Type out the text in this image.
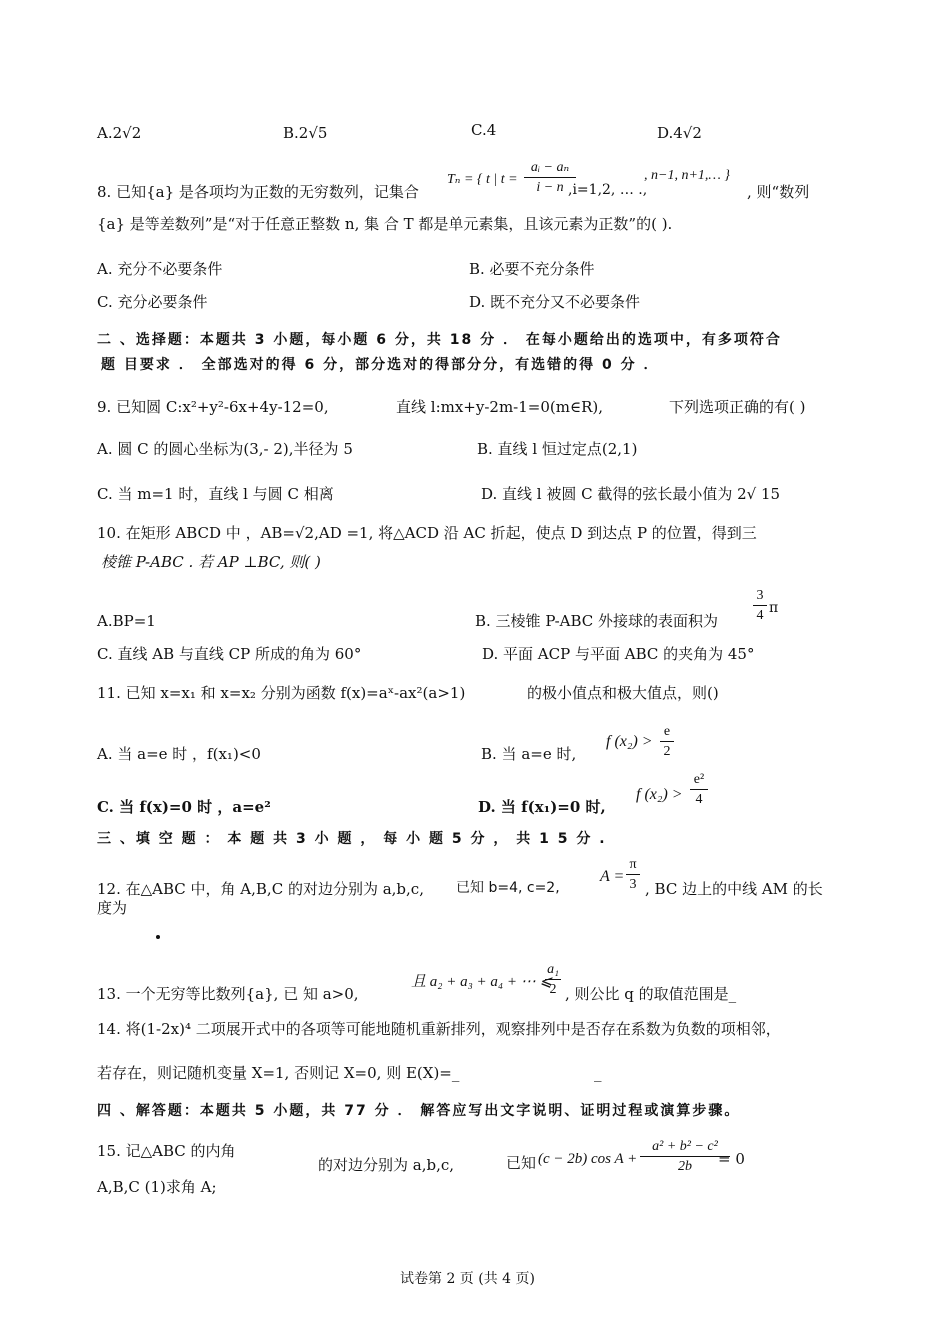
A.2√2	B.2√5	C.4	D.4√2
8. 已知{a} 是各项均为正数的无穷数列，记集合
Tₙ = { t | t =
aᵢ − aₙ
i − n ,i=1,2, … .,
, n−1, n+1,… }
, 则“数列
{a} 是等差数列”是“对于任意正整数 n, 集 合 T 都是单元素集，且该元素为正数”的( ).
A. 充分不必要条件	B. 必要不充分条件
C. 充分必要条件	D. 既不充分又不必要条件
二 、选择题：本题共 3 小题，每小题 6 分，共 18 分 ． 在每小题给出的选项中，有多项符合
题 目要求 ． 全部选对的得 6 分，部分选对的得部分分，有选错的得 0 分 ．
9. 已知圆 C:x²+y²-6x+4y-12=0,	直线 l:mx+y-2m-1=0(m∈R),	下列选项正确的有( )
A. 圆 C 的圆心坐标为(3,- 2),半径为 5	B. 直线 l 恒过定点(2,1)
C. 当 m=1 时，直线 l 与圆 C 相离	D. 直线 l 被圆 C 截得的弦长最小值为 2√ 15
10. 在矩形 ABCD 中 ，AB=√2,AD =1, 将△ACD 沿 AC 折起，使点 D 到达点 P 的位置，得到三
棱锥 P-ABC . 若 AP ⊥BC, 则( )
A.BP=1	B. 三棱锥 P-ABC 外接球的表面积为
3
4 π
C. 直线 AB 与直线 CP 所成的角为 60°	D. 平面 ACP 与平面 ABC 的夹角为 45°
11. 已知 x=x₁ 和 x=x₂ 分别为函数 f(x)=aˣ-ax²(a>1)	的极小值点和极大值点，则()
A. 当 a=e 时 ，f(x₁)<0	B. 当 a=e 时,
f (x₂) >
e
2
C. 当 f(x)=0 时 ，a=e²	D. 当 f(x₁)=0 时,
f (x₂) >
e²
4
三 、填 空 题 ： 本 题 共 3 小 题 ， 每 小 题 5 分 ， 共 1 5 分 .
12. 在△ABC 中，角 A,B,C 的对边分别为 a,b,c, 已知 b=4, c=2,
A =
π
3 , BC 边上的中线 AM 的长
度为
13. 一个无穷等比数列{a}, 已 知 a>0,
且 a₂ + a₃ + a₄ + ⋯ ⩽
a₁
2 , 则公比 q 的取值范围是_
14. 将(1-2x)⁴ 二项展开式中的各项等可能地随机重新排列，观察排列中是否存在系数为负数的项相邻，
若存在，则记随机变量 X=1, 否则记 X=0, 则 E(X)=_	_
四 、解答题：本题共 5 小题，共 77 分 ． 解答应写出文字说明、证明过程或演算步骤。
15. 记△ABC 的内角
的对边分别为 a,b,c,	已知 (c − 2b) cos A +
a² + b² − c²
2b	= 0
A,B,C (1)求角 A;
试卷第 2 页 (共 4 页)
